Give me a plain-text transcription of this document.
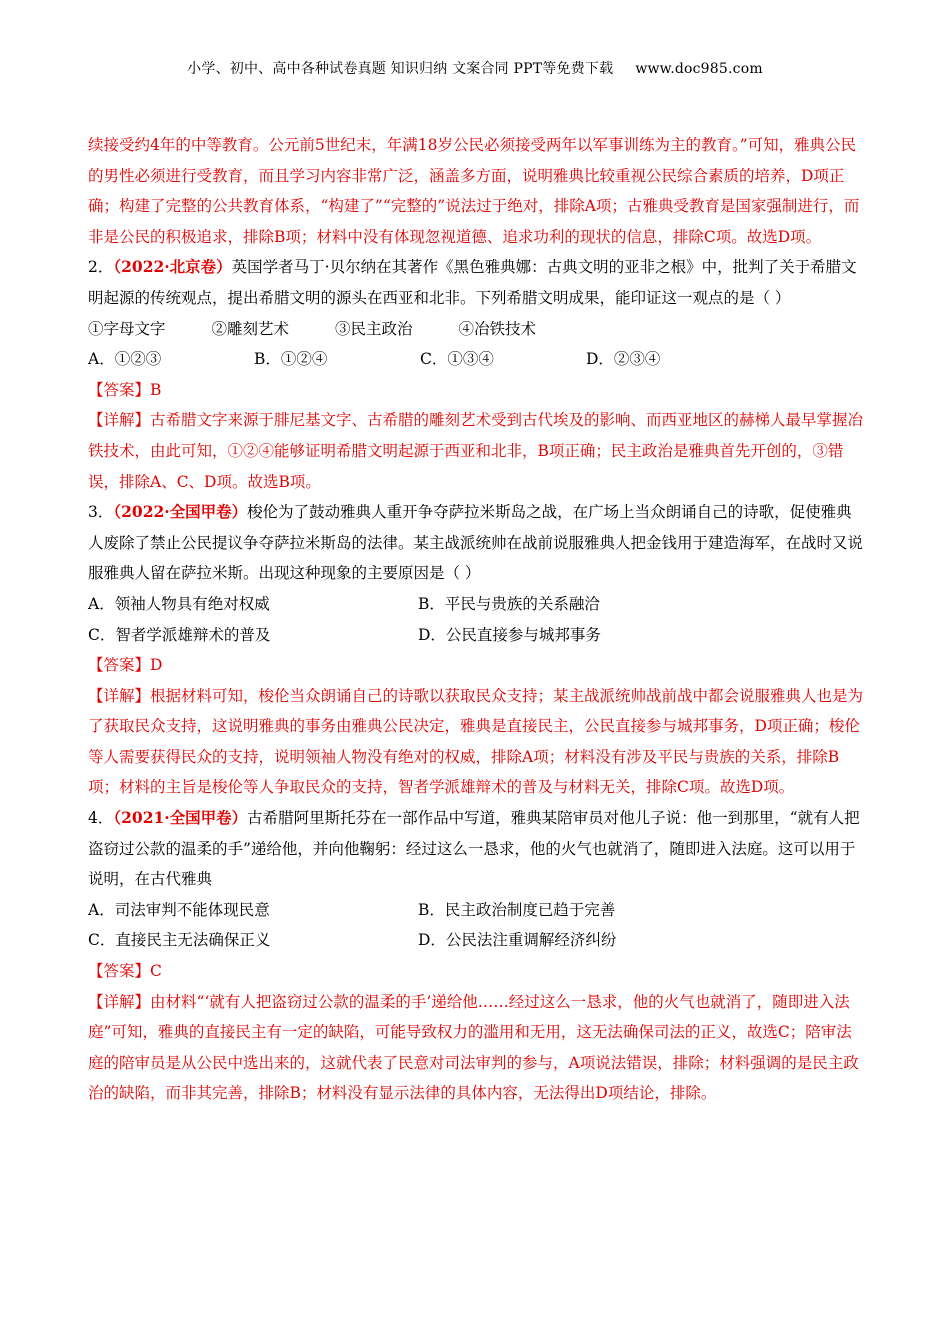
小学、初中、高中各种试卷真题 知识归纳 文案合同 PPT等免费下载 www.doc985.com

续接受约4年的中等教育。公元前5世纪末，年满18岁公民必须接受两年以军事训练为主的教育。”可知，雅典公民的男性必须进行受教育，而且学习内容非常广泛，涵盖多方面，说明雅典比较重视公民综合素质的培养，D项正确；构建了完整的公共教育体系，“构建了”“完整的”说法过于绝对，排除A项；古雅典受教育是国家强制进行，而非是公民的积极追求，排除B项；材料中没有体现忽视道德、追求功利的现状的信息，排除C项。故选D项。

2．（2022·北京卷）英国学者马丁·贝尔纳在其著作《黑色雅典娜：古典文明的亚非之根》中，批判了关于希腊文明起源的传统观点，提出希腊文明的源头在西亚和北非。下列希腊文明成果，能印证这一观点的是（ ）

①字母文字	②雕刻艺术	③民主政治	④冶铁技术
A．①②③	B．①②④	C．①③④	D．②③④

【答案】B

【详解】古希腊文字来源于腓尼基文字、古希腊的雕刻艺术受到古代埃及的影响、而西亚地区的赫梯人最早掌握冶铁技术，由此可知，①②④能够证明希腊文明起源于西亚和北非，B项正确；民主政治是雅典首先开创的，③错误，排除A、C、D项。故选B项。

3．（2022·全国甲卷）梭伦为了鼓动雅典人重开争夺萨拉米斯岛之战，在广场上当众朗诵自己的诗歌，促使雅典人废除了禁止公民提议争夺萨拉米斯岛的法律。某主战派统帅在战前说服雅典人把金钱用于建造海军，在战时又说服雅典人留在萨拉米斯。出现这种现象的主要原因是（ ）

A．领袖人物具有绝对权威	B．平民与贵族的关系融洽
C．智者学派雄辩术的普及	D．公民直接参与城邦事务

【答案】D

【详解】根据材料可知，梭伦当众朗诵自己的诗歌以获取民众支持；某主战派统帅战前战中都会说服雅典人也是为了获取民众支持，这说明雅典的事务由雅典公民决定，雅典是直接民主，公民直接参与城邦事务，D项正确；梭伦等人需要获得民众的支持，说明领袖人物没有绝对的权威，排除A项；材料没有涉及平民与贵族的关系，排除B项；材料的主旨是梭伦等人争取民众的支持，智者学派雄辩术的普及与材料无关，排除C项。故选D项。

4．（2021·全国甲卷）古希腊阿里斯托芬在一部作品中写道，雅典某陪审员对他儿子说：他一到那里，“就有人把盗窃过公款的温柔的手”递给他，并向他鞠躬：经过这么一恳求，他的火气也就消了，随即进入法庭。这可以用于说明，在古代雅典

A．司法审判不能体现民意	B．民主政治制度已趋于完善
C．直接民主无法确保正义	D．公民法注重调解经济纠纷

【答案】C

【详解】由材料“‘就有人把盗窃过公款的温柔的手’递给他……经过这么一恳求，他的火气也就消了，随即进入法庭”可知，雅典的直接民主有一定的缺陷，可能导致权力的滥用和无用，这无法确保司法的正义，故选C；陪审法庭的陪审员是从公民中选出来的，这就代表了民意对司法审判的参与，A项说法错误，排除；材料强调的是民主政治的缺陷，而非其完善，排除B；材料没有显示法律的具体内容，无法得出D项结论，排除。
